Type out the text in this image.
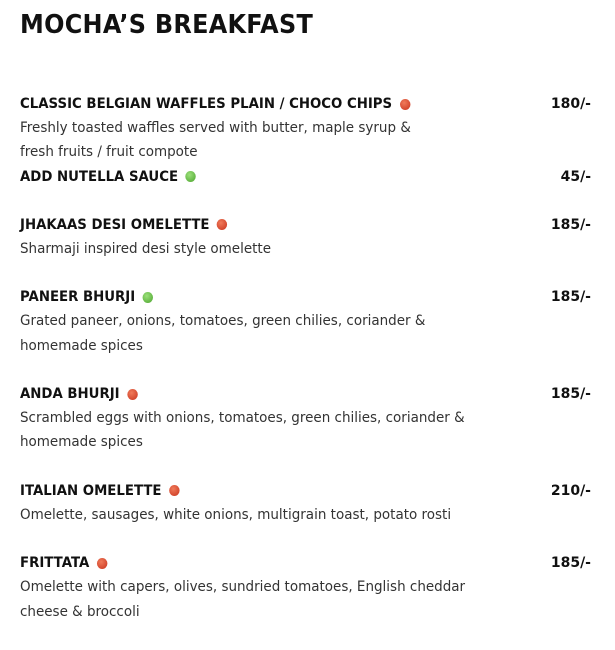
MOCHA’S BREAKFAST
CLASSIC BELGIAN WAFFLES PLAIN / CHOCO CHIPS	180/-
Freshly toasted waffles served with butter, maple syrup &
fresh fruits / fruit compote
ADD NUTELLA SAUCE	45/-
JHAKAAS DESI OMELETTE	185/-
Sharmaji inspired desi style omelette
PANEER BHURJI	185/-
Grated paneer, onions, tomatoes, green chilies, coriander &
homemade spices
ANDA BHURJI	185/-
Scrambled eggs with onions, tomatoes, green chilies, coriander &
homemade spices
ITALIAN OMELETTE	210/-
Omelette, sausages, white onions, multigrain toast, potato rosti
FRITTATA	185/-
Omelette with capers, olives, sundried tomatoes, English cheddar
cheese & broccoli
